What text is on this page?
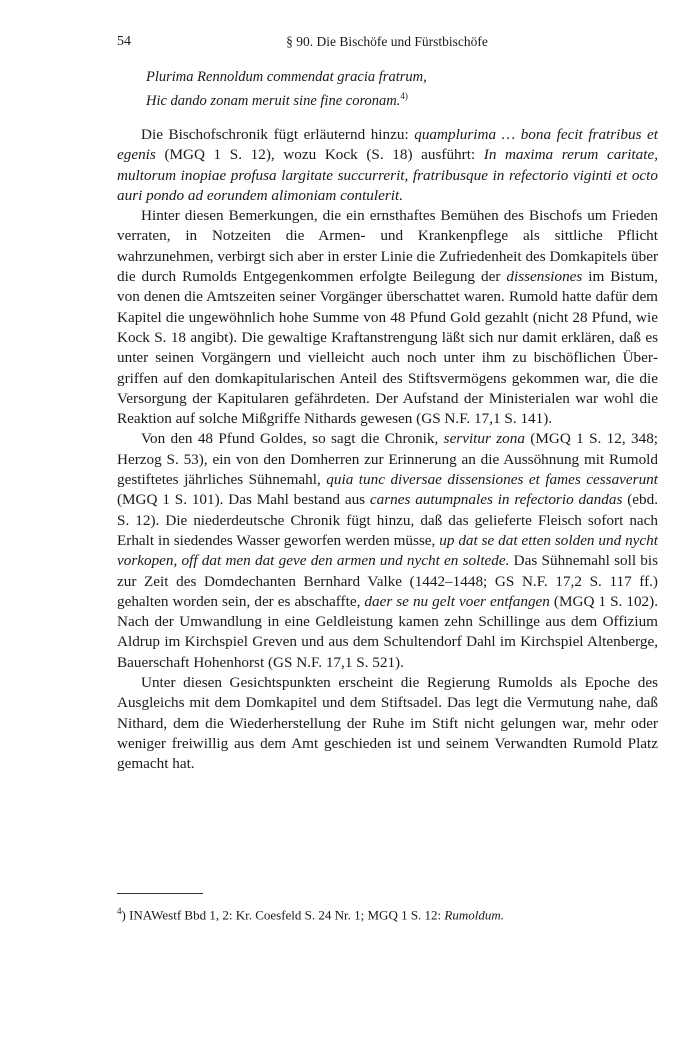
54	§ 90. Die Bischöfe und Fürstbischöfe
Plurima Rennoldum commendat gracia fratrum,
Hic dando zonam meruit sine fine coronam.$^{4)}$

Die Bischofschronik fügt erläuternd hinzu: quamplurima … bona fecit fratribus et egenis (MGQ 1 S. 12), wozu Kock (S. 18) ausführt: In maxima rerum caritate, multorum inopiae profusa largitate succurrerit, fratribusque in refectorio viginti et octo auri pondo ad eorundem alimoniam contulerit.

Hinter diesen Bemerkungen, die ein ernsthaftes Bemühen des Bischofs um Frieden verraten, in Notzeiten die Armen- und Krankenpflege als sittliche Pflicht wahrzunehmen, verbirgt sich aber in erster Linie die Zufriedenheit des Domkapitels über die durch Rumolds Entgegenkommen erfolgte Beilegung der dissensiones im Bistum, von denen die Amtszeiten seiner Vorgänger überschattet waren. Rumold hatte dafür dem Kapitel die ungewöhnlich hohe Summe von 48 Pfund Gold gezahlt (nicht 28 Pfund, wie Kock S. 18 angibt). Die gewaltige Kraftanstrengung läßt sich nur damit erklären, daß es unter seinen Vorgängern und vielleicht auch noch unter ihm zu bischöflichen Übergriffen auf den domkapitularischen Anteil des Stiftsvermögens gekommen war, die die Versorgung der Kapitularen gefährdeten. Der Aufstand der Ministerialen war wohl die Reaktion auf solche Mißgriffe Nithards gewesen (GS N.F. 17,1 S. 141).

Von den 48 Pfund Goldes, so sagt die Chronik, servitur zona (MGQ 1 S. 12, 348; Herzog S. 53), ein von den Domherren zur Erinnerung an die Aussöhnung mit Rumold gestiftetes jährliches Sühnemahl, quia tunc diversae dissensiones et fames cessaverunt (MGQ 1 S. 101). Das Mahl bestand aus carnes autumpnales in refectorio dandas (ebd. S. 12). Die niederdeutsche Chronik fügt hinzu, daß das gelieferte Fleisch sofort nach Erhalt in siedendes Wasser geworfen werden müsse, up dat se dat etten solden und nycht vorkopen, off dat men dat geve den armen und nycht en soltede. Das Sühnemahl soll bis zur Zeit des Domdechanten Bernhard Valke (1442–1448; GS N.F. 17,2 S. 117 ff.) gehalten worden sein, der es abschaffte, daer se nu gelt voer entfangen (MGQ 1 S. 102). Nach der Umwandlung in eine Geldleistung kamen zehn Schillinge aus dem Offizium Aldrup im Kirchspiel Greven und aus dem Schultendorf Dahl im Kirchspiel Altenberge, Bauerschaft Hohenhorst (GS N.F. 17,1 S. 521).

Unter diesen Gesichtspunkten erscheint die Regierung Rumolds als Epoche des Ausgleichs mit dem Domkapitel und dem Stiftsadel. Das legt die Vermutung nahe, daß Nithard, dem die Wiederherstellung der Ruhe im Stift nicht gelungen war, mehr oder weniger freiwillig aus dem Amt geschieden ist und seinem Verwandten Rumold Platz gemacht hat.

$^4$) INAWestf Bbd 1, 2: Kr. Coesfeld S. 24 Nr. 1; MGQ 1 S. 12: Rumoldum.
